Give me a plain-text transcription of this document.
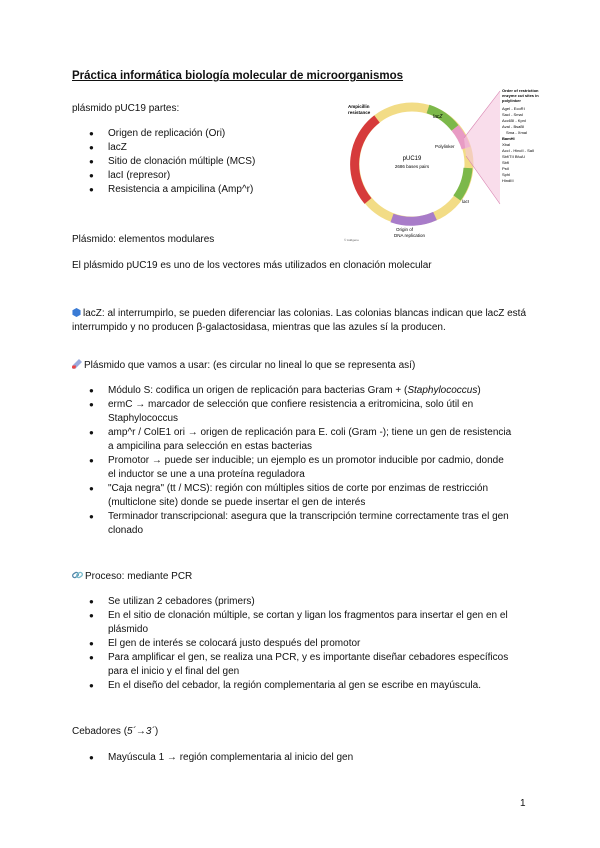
Práctica informática biología molecular de microorganismos
plásmido pUC19 partes:
● Origen de replicación (Ori)
● lacZ
● Sitio de clonación múltiple (MCS)
● lacI (represor)
● Resistencia a ampicilina (Amp^r)
pUC19
2686 bases pairs
Ampicillin
resistance
lacZ
Polylinker
lacI
Origin of
DNA replication
© Addgene
Order of restriction
enzyme cut sites in
polylinker
AgeI - EcoRI
SacI - SmaI
Acc65I - KpnI
AvaI - BsaBI
Sma - XmaI
BamHI
XbaI
AccI - HincII - SalI
Sbf/TII BfuAI
SbfI
PstI
SphI
HindIII
Plásmido: elementos modulares
El plásmido pUC19 es uno de los vectores más utilizados en clonación molecular
lacZ: al interrumpirlo, se pueden diferenciar las colonias. Las colonias blancas indican que lacZ está interrumpido y no producen β-galactosidasa, mientras que las azules sí la producen.
Plásmido que vamos a usar: (es circular no lineal lo que se representa así)
● Módulo S: codifica un origen de replicación para bacterias Gram + (Staphylococcus)
● ermC → marcador de selección que confiere resistencia a eritromicina, solo útil en Staphylococcus
● amp^r / ColE1 ori → origen de replicación para E. coli (Gram -); tiene un gen de resistencia a ampicilina para selección en estas bacterias
● Promotor → puede ser inducible; un ejemplo es un promotor inducible por cadmio, donde el inductor se une a una proteína reguladora
● "Caja negra" (tt / MCS): región con múltiples sitios de corte por enzimas de restricción (multiclone site) donde se puede insertar el gen de interés
● Terminador transcripcional: asegura que la transcripción termine correctamente tras el gen clonado
Proceso: mediante PCR
● Se utilizan 2 cebadores (primers)
● En el sitio de clonación múltiple, se cortan y ligan los fragmentos para insertar el gen en el plásmido
● El gen de interés se colocará justo después del promotor
● Para amplificar el gen, se realiza una PCR, y es importante diseñar cebadores específicos para el inicio y el final del gen
● En el diseño del cebador, la región complementaria al gen se escribe en mayúscula.
Cebadores (5´→3´)
● Mayúscula 1 → región complementaria al inicio del gen
1
